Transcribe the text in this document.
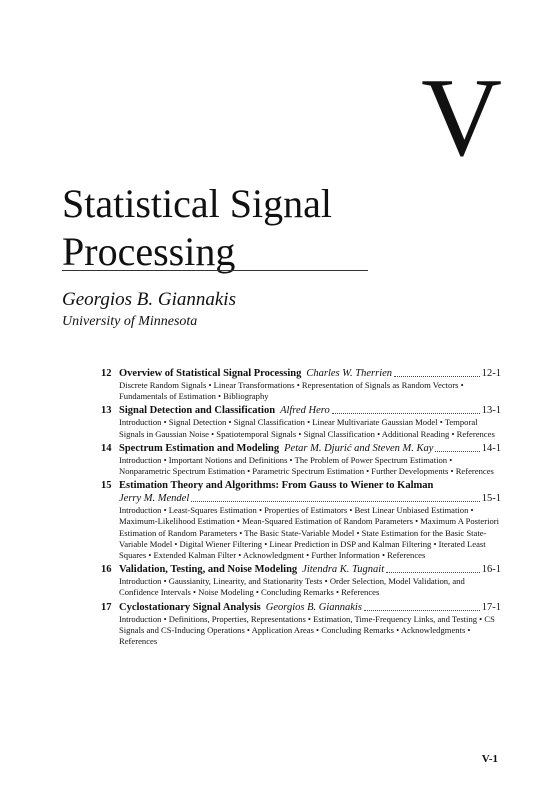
V
Statistical Signal Processing
Georgios B. Giannakis
University of Minnesota
12 Overview of Statistical Signal Processing Charles W. Therrien	12-1
Discrete Random Signals • Linear Transformations • Representation of Signals as Random Vectors • Fundamentals of Estimation • Bibliography
13 Signal Detection and Classification Alfred Hero	13-1
Introduction • Signal Detection • Signal Classification • Linear Multivariate Gaussian Model • Temporal Signals in Gaussian Noise • Spatiotemporal Signals • Signal Classification • Additional Reading • References
14 Spectrum Estimation and Modeling Petar M. Djurić and Steven M. Kay	14-1
Introduction • Important Notions and Definitions • The Problem of Power Spectrum Estimation • Nonparametric Spectrum Estimation • Parametric Spectrum Estimation • Further Developments • References
15 Estimation Theory and Algorithms: From Gauss to Wiener to Kalman
Jerry M. Mendel	15-1
Introduction • Least-Squares Estimation • Properties of Estimators • Best Linear Unbiased Estimation • Maximum-Likelihood Estimation • Mean-Squared Estimation of Random Parameters • Maximum A Posteriori Estimation of Random Parameters • The Basic State-Variable Model • State Estimation for the Basic State-Variable Model • Digital Wiener Filtering • Linear Prediction in DSP and Kalman Filtering • Iterated Least Squares • Extended Kalman Filter • Acknowledgment • Further Information • References
16 Validation, Testing, and Noise Modeling Jitendra K. Tugnait	16-1
Introduction • Gaussianity, Linearity, and Stationarity Tests • Order Selection, Model Validation, and Confidence Intervals • Noise Modeling • Concluding Remarks • References
17 Cyclostationary Signal Analysis Georgios B. Giannakis	17-1
Introduction • Definitions, Properties, Representations • Estimation, Time-Frequency Links, and Testing • CS Signals and CS-Inducing Operations • Application Areas • Concluding Remarks • Acknowledgments • References
V-1
